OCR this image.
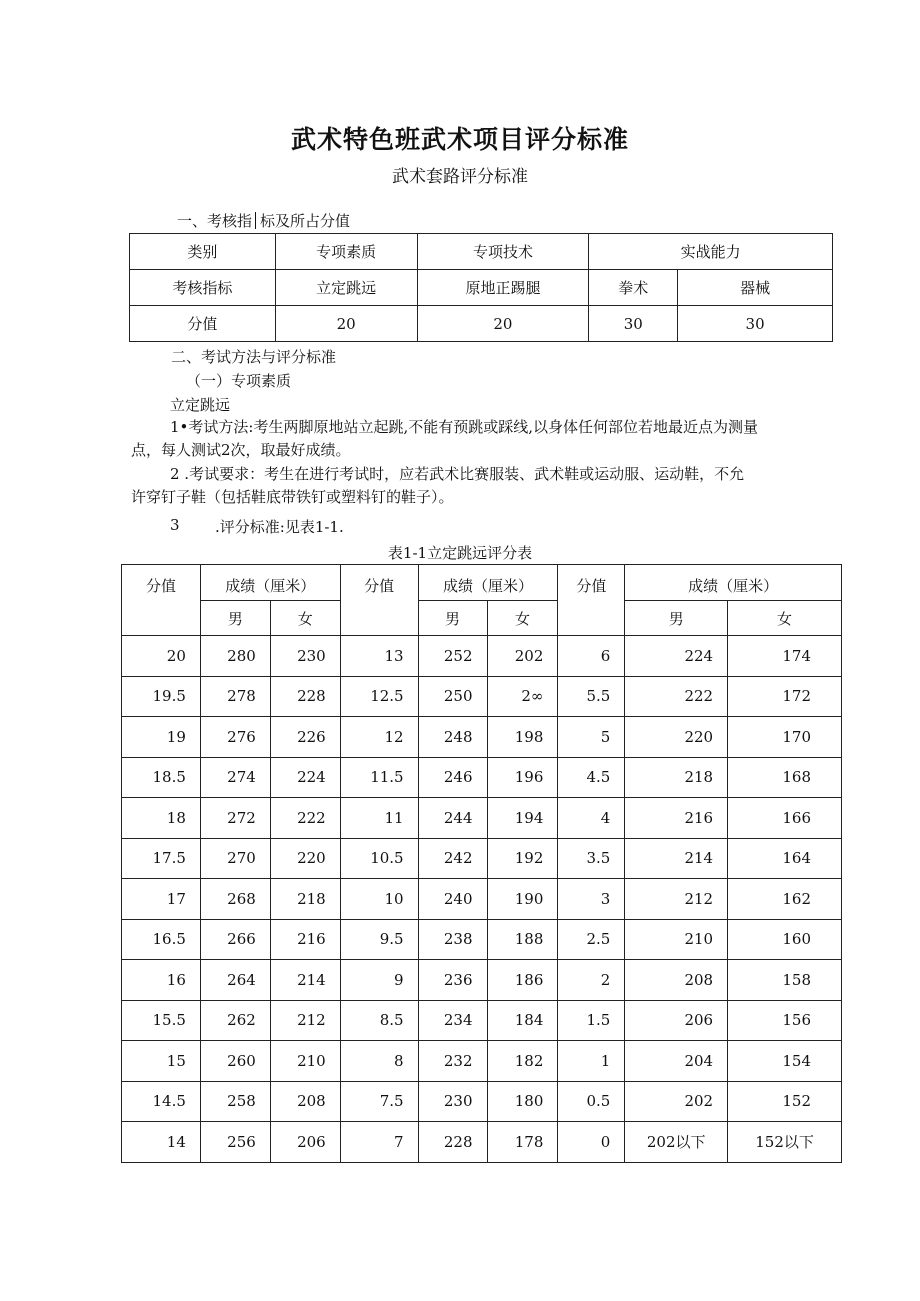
武术特色班武术项目评分标准
武术套路评分标准
一、考核指 标及所占分值
类别	专项素质	专项技术	实战能力	
考核指标	立定跳远	原地正踢腿	拳术	器械
分值	20	20	30	30
二、考试方法与评分标准
（一）专项素质
立定跳远
1•考试方法:考生两脚原地站立起跳,不能有预跳或踩线,以身体任何部位若地最近点为测量
点，每人测试2次，取最好成绩。
2 .考试要求：考生在进行考试时，应若武术比赛服装、武术鞋或运动服、运动鞋，不允
许穿钉子鞋（包括鞋底带铁钉或塑料钉的鞋子）。
3 .评分标准:见表1-1.
表1-1立定跳远评分表
分值	成绩（厘米）		分值	成绩（厘米）		分值	成绩（厘米）	
	男	女		男	女		男	女
20	280	230	13	252	202	6	224	174
19.5	278	228	12.5	250	2∞	5.5	222	172
19	276	226	12	248	198	5	220	170
18.5	274	224	11.5	246	196	4.5	218	168
18	272	222	11	244	194	4	216	166
17.5	270	220	10.5	242	192	3.5	214	164
17	268	218	10	240	190	3	212	162
16.5	266	216	9.5	238	188	2.5	210	160
16	264	214	9	236	186	2	208	158
15.5	262	212	8.5	234	184	1.5	206	156
15	260	210	8	232	182	1	204	154
14.5	258	208	7.5	230	180	0.5	202	152
14	256	206	7	228	178	0	202以下	152以下
